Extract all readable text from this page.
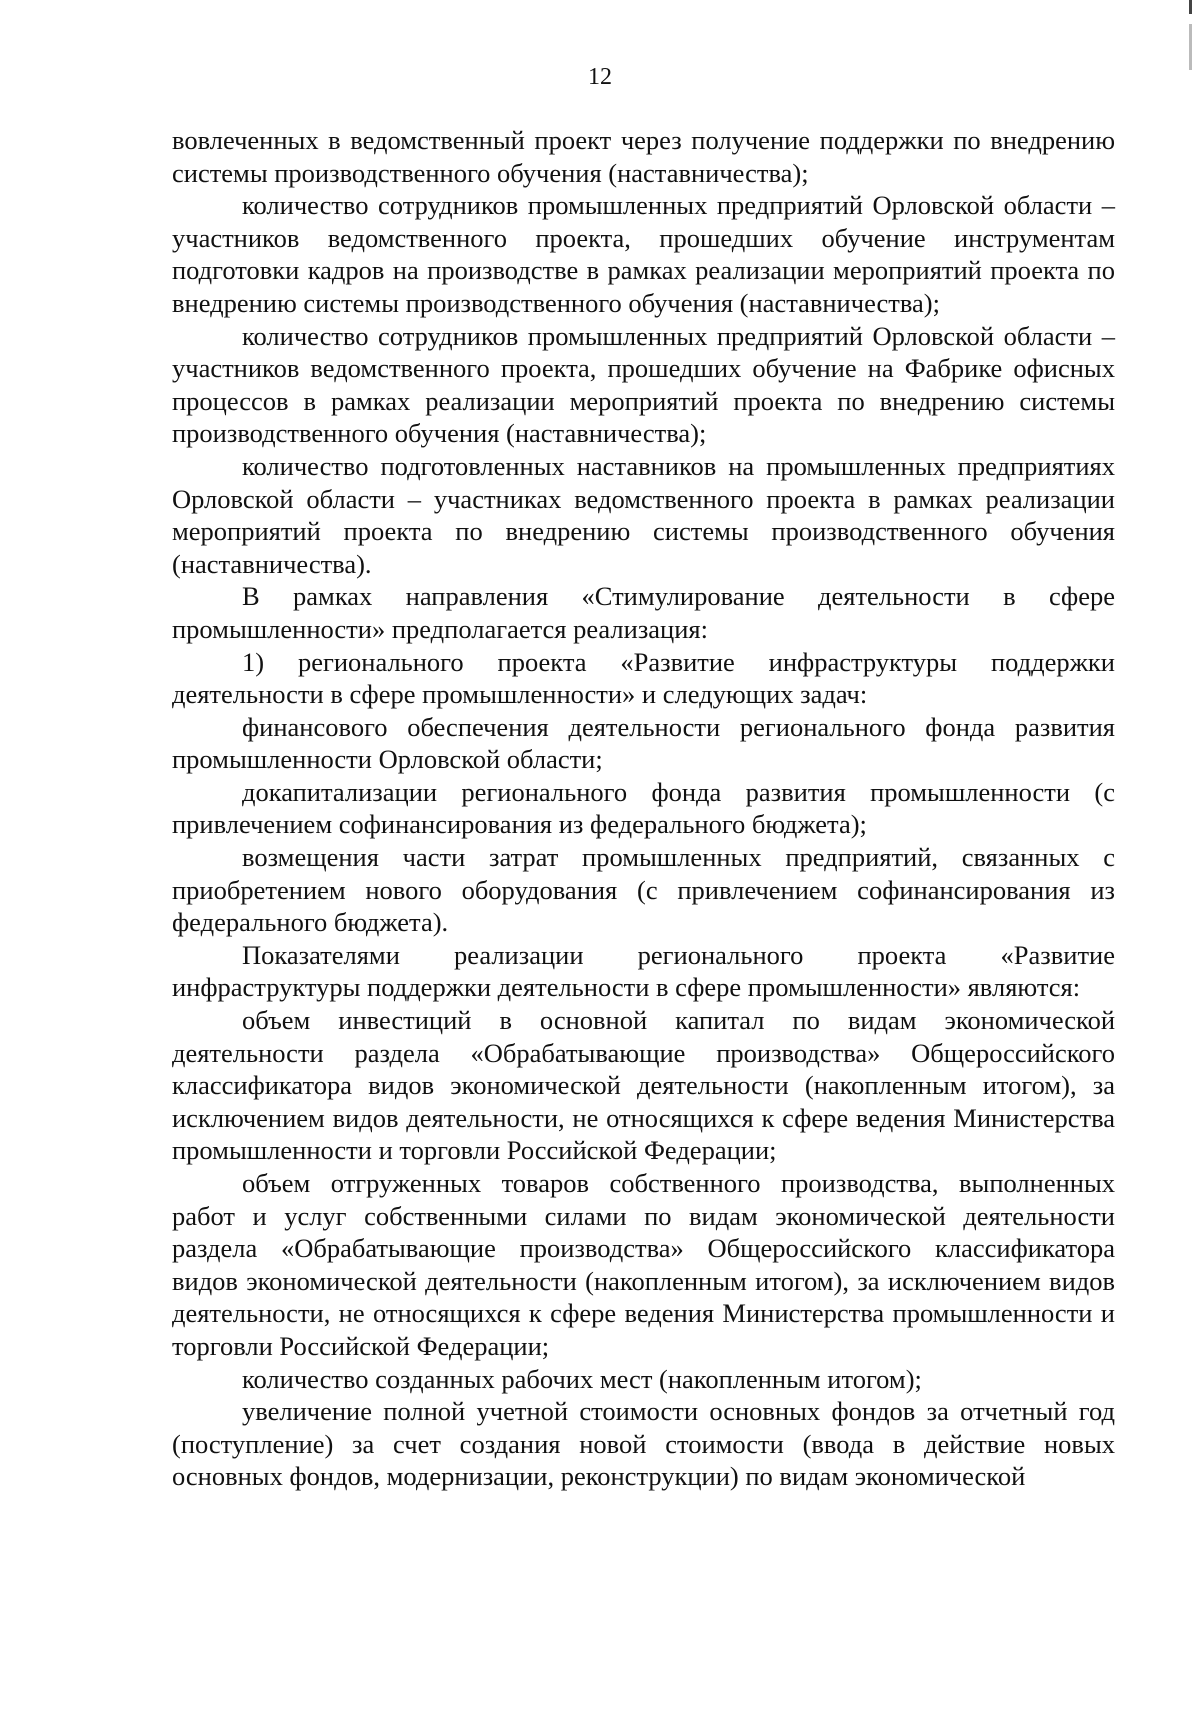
12

вовлеченных в ведомственный проект через получение поддержки по внедрению системы производственного обучения (наставничества);

количество сотрудников промышленных предприятий Орловской области – участников ведомственного проекта, прошедших обучение инструментам подготовки кадров на производстве в рамках реализации мероприятий проекта по внедрению системы производственного обучения (наставничества);

количество сотрудников промышленных предприятий Орловской области – участников ведомственного проекта, прошедших обучение на Фабрике офисных процессов в рамках реализации мероприятий проекта по внедрению системы производственного обучения (наставничества);

количество подготовленных наставников на промышленных предприятиях Орловской области – участниках ведомственного проекта в рамках реализации мероприятий проекта по внедрению системы производственного обучения (наставничества).

В рамках направления «Стимулирование деятельности в сфере промышленности» предполагается реализация:

1) регионального проекта «Развитие инфраструктуры поддержки деятельности в сфере промышленности» и следующих задач:

финансового обеспечения деятельности регионального фонда развития промышленности Орловской области;

докапитализации регионального фонда развития промышленности (с привлечением софинансирования из федерального бюджета);

возмещения части затрат промышленных предприятий, связанных с приобретением нового оборудования (с привлечением софинансирования из федерального бюджета).

Показателями реализации регионального проекта «Развитие инфраструктуры поддержки деятельности в сфере промышленности» являются:

объем инвестиций в основной капитал по видам экономической деятельности раздела «Обрабатывающие производства» Общероссийского классификатора видов экономической деятельности (накопленным итогом), за исключением видов деятельности, не относящихся к сфере ведения Министерства промышленности и торговли Российской Федерации;

объем отгруженных товаров собственного производства, выполненных работ и услуг собственными силами по видам экономической деятельности раздела «Обрабатывающие производства» Общероссийского классификатора видов экономической деятельности (накопленным итогом), за исключением видов деятельности, не относящихся к сфере ведения Министерства промышленности и торговли Российской Федерации;

количество созданных рабочих мест (накопленным итогом);

увеличение полной учетной стоимости основных фондов за отчетный год (поступление) за счет создания новой стоимости (ввода в действие новых основных фондов, модернизации, реконструкции) по видам экономической
